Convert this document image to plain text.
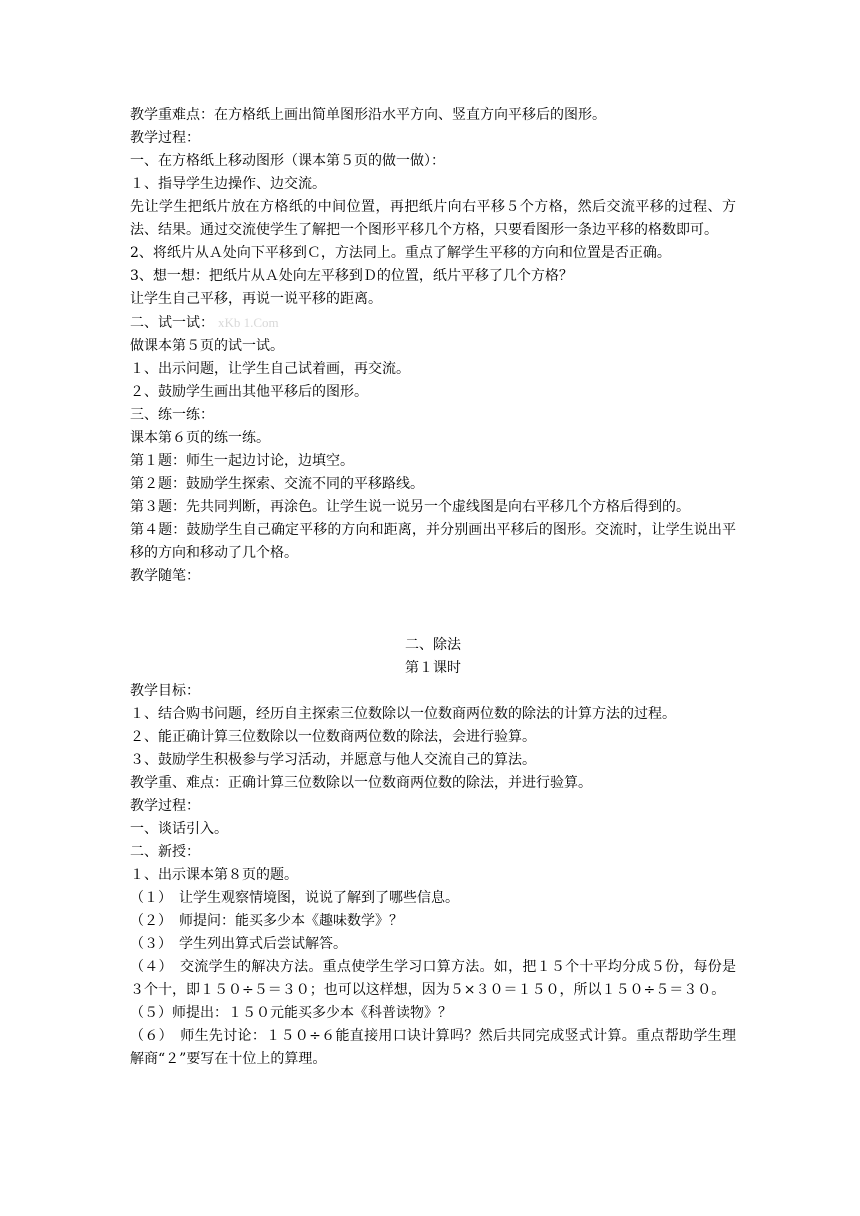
教学重难点：在方格纸上画出简单图形沿水平方向、竖直方向平移后的图形。
教学过程：
一、在方格纸上移动图形（课本第５页的做一做）：
１、指导学生边操作、边交流。
先让学生把纸片放在方格纸的中间位置，再把纸片向右平移５个方格，然后交流平移的过程、方法、结果。通过交流使学生了解把一个图形平移几个方格，只要看图形一条边平移的格数即可。
2、将纸片从Ａ处向下平移到Ｃ，方法同上。重点了解学生平移的方向和位置是否正确。
3、想一想：把纸片从Ａ处向左平移到Ｄ的位置，纸片平移了几个方格？
让学生自己平移，再说一说平移的距离。
二、试一试： xKb 1.Com
做课本第５页的试一试。
１、出示问题，让学生自己试着画，再交流。
２、鼓励学生画出其他平移后的图形。
三、练一练：
课本第６页的练一练。
第１题：师生一起边讨论，边填空。
第２题：鼓励学生探索、交流不同的平移路线。
第３题：先共同判断，再涂色。让学生说一说另一个虚线图是向右平移几个方格后得到的。
第４题：鼓励学生自己确定平移的方向和距离，并分别画出平移后的图形。交流时，让学生说出平移的方向和移动了几个格。
教学随笔：
二、除法
第１课时
教学目标：
１、结合购书问题，经历自主探索三位数除以一位数商两位数的除法的计算方法的过程。
２、能正确计算三位数除以一位数商两位数的除法，会进行验算。
３、鼓励学生积极参与学习活动，并愿意与他人交流自己的算法。
教学重、难点：正确计算三位数除以一位数商两位数的除法，并进行验算。
教学过程：
一、谈话引入。
二、新授：
１、出示课本第８页的题。
（１）　让学生观察情境图，说说了解到了哪些信息。
（２）　师提问：能买多少本《趣味数学》？
（３）　学生列出算式后尝试解答。
（４）　交流学生的解决方法。重点使学生学习口算方法。如，把１５个十平均分成５份，每份是３个十，即１５０÷５＝３０；也可以这样想，因为５×３０＝１５０，所以１５０÷５＝３０。
（５）师提出：１５０元能买多少本《科普读物》？
（６）　师生先讨论：１５０÷６能直接用口诀计算吗？然后共同完成竖式计算。重点帮助学生理解商“２”要写在十位上的算理。
